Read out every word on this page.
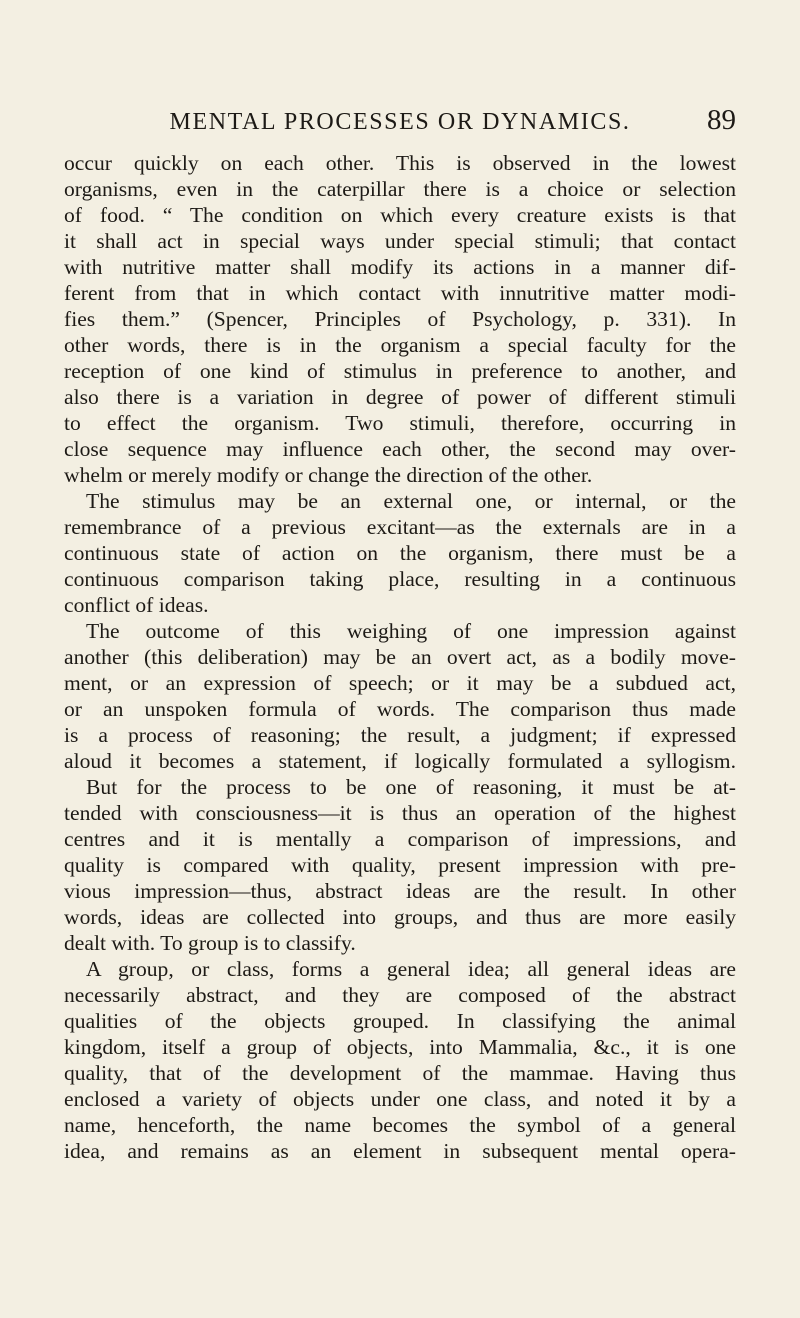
MENTAL PROCESSES OR DYNAMICS.	89
occur quickly on each other. This is observed in the lowest
organisms, even in the caterpillar there is a choice or selection
of food. “ The condition on which every creature exists is that
it shall act in special ways under special stimuli; that contact
with nutritive matter shall modify its actions in a manner dif-
ferent from that in which contact with innutritive matter modi-
fies them.” (Spencer, Principles of Psychology, p. 331). In
other words, there is in the organism a special faculty for the
reception of one kind of stimulus in preference to another, and
also there is a variation in degree of power of different stimuli
to effect the organism. Two stimuli, therefore, occurring in
close sequence may influence each other, the second may over-
whelm or merely modify or change the direction of the other.
The stimulus may be an external one, or internal, or the
remembrance of a previous excitant—as the externals are in a
continuous state of action on the organism, there must be a
continuous comparison taking place, resulting in a continuous
conflict of ideas.
The outcome of this weighing of one impression against
another (this deliberation) may be an overt act, as a bodily move-
ment, or an expression of speech; or it may be a subdued act,
or an unspoken formula of words. The comparison thus made
is a process of reasoning; the result, a judgment; if expressed
aloud it becomes a statement, if logically formulated a syllogism.
But for the process to be one of reasoning, it must be at-
tended with consciousness—it is thus an operation of the highest
centres and it is mentally a comparison of impressions, and
quality is compared with quality, present impression with pre-
vious impression—thus, abstract ideas are the result. In other
words, ideas are collected into groups, and thus are more easily
dealt with. To group is to classify.
A group, or class, forms a general idea; all general ideas are
necessarily abstract, and they are composed of the abstract
qualities of the objects grouped. In classifying the animal
kingdom, itself a group of objects, into Mammalia, &c., it is one
quality, that of the development of the mammae. Having thus
enclosed a variety of objects under one class, and noted it by a
name, henceforth, the name becomes the symbol of a general
idea, and remains as an element in subsequent mental opera-
